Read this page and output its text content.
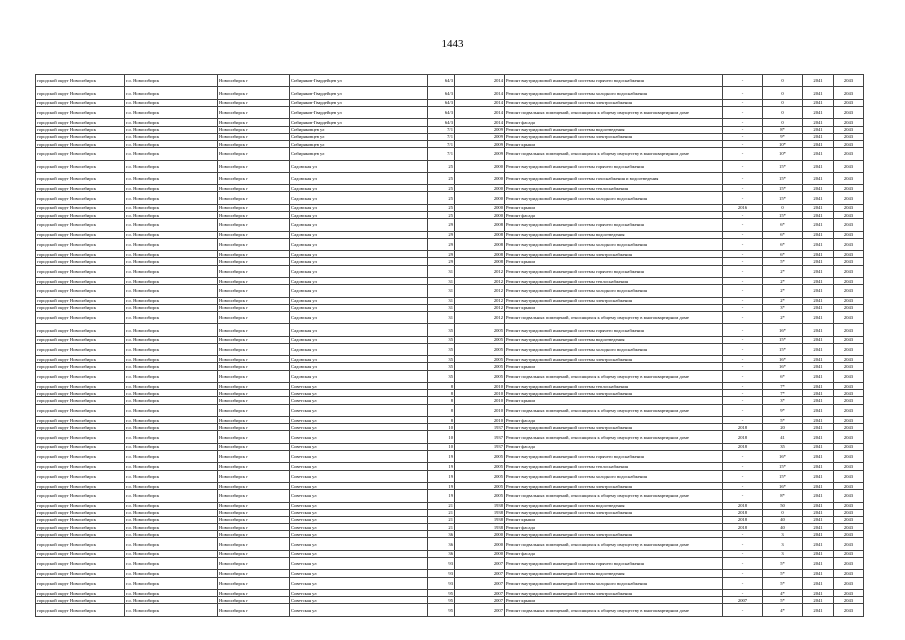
1443
городской округ Новосибирск	г.о. Новосибирск	Новосибирск г	Сибиряков-Гвардейцев ул	64/3	2014	Ремонт внутридомовой инженерной системы горячего водоснабжения	-	0	2041	2043
городской округ Новосибирск	г.о. Новосибирск	Новосибирск г	Сибиряков-Гвардейцев ул	64/3	2014	Ремонт внутридомовой инженерной системы холодного водоснабжения	-	0	2041	2043
городской округ Новосибирск	г.о. Новосибирск	Новосибирск г	Сибиряков-Гвардейцев ул	64/3	2014	Ремонт внутридомовой инженерной системы электроснабжения	-	0	2041	2043
городской округ Новосибирск	г.о. Новосибирск	Новосибирск г	Сибиряков-Гвардейцев ул	64/3	2014	Ремонт подвальных помещений, относящихся к общему имуществу в многоквартирном доме	-	0	2041	2043
городской округ Новосибирск	г.о. Новосибирск	Новосибирск г	Сибиряков-Гвардейцев ул	64/3	2014	Ремонт фасада	-	0	2041	2043
городской округ Новосибирск	г.о. Новосибирск	Новосибирск г	Сибиряковцев ул	7/1	2009	Ремонт внутридомовой инженерной системы водоотведения	-	8*	2041	2043
городской округ Новосибирск	г.о. Новосибирск	Новосибирск г	Сибиряковцев ул	7/1	2009	Ремонт внутридомовой инженерной системы электроснабжения	-	9*	2041	2043
городской округ Новосибирск	г.о. Новосибирск	Новосибирск г	Сибиряковцев ул	7/1	2009	Ремонт крыши	-	10*	2041	2043
городской округ Новосибирск	г.о. Новосибирск	Новосибирск г	Сибиряковцев ул	7/1	2009	Ремонт подвальных помещений, относящихся к общему имуществу в многоквартирном доме	-	10*	2041	2043
городской округ Новосибирск	г.о. Новосибирск	Новосибирск г	Садовская ул	25	2000	Ремонт внутридомовой инженерной системы горячего водоснабжения	-	15*	2041	2043
городской округ Новосибирск	г.о. Новосибирск	Новосибирск г	Садовская ул	25	2000	Ремонт внутридомовой инженерной системы газоснабжения и водоотведения	-	15*	2041	2043
городской округ Новосибирск	г.о. Новосибирск	Новосибирск г	Садовская ул	25	2000	Ремонт внутридомовой инженерной системы теплоснабжения	-	15*	2041	2043
городской округ Новосибирск	г.о. Новосибирск	Новосибирск г	Садовская ул	25	2000	Ремонт внутридомовой инженерной системы холодного водоснабжения	-	15*	2041	2043
городской округ Новосибирск	г.о. Новосибирск	Новосибирск г	Садовская ул	25	2000	Ремонт крыши	2016	0	2041	2043
городской округ Новосибирск	г.о. Новосибирск	Новосибирск г	Садовская ул	25	2000	Ремонт фасада	-	15*	2041	2043
городской округ Новосибирск	г.о. Новосибирск	Новосибирск г	Садовская ул	29	2008	Ремонт внутридомовой инженерной системы горячего водоснабжения	-	6*	2041	2043
городской округ Новосибирск	г.о. Новосибирск	Новосибирск г	Садовская ул	29	2008	Ремонт внутридомовой инженерной системы водоотведения	-	6*	2041	2043
городской округ Новосибирск	г.о. Новосибирск	Новосибирск г	Садовская ул	29	2008	Ремонт внутридомовой инженерной системы холодного водоснабжения	-	6*	2041	2043
городской округ Новосибирск	г.о. Новосибирск	Новосибирск г	Садовская ул	29	2008	Ремонт внутридомовой инженерной системы электроснабжения	-	6*	2041	2043
городской округ Новосибирск	г.о. Новосибирск	Новосибирск г	Садовская ул	29	2008	Ремонт крыши	-	5*	2041	2043
городской округ Новосибирск	г.о. Новосибирск	Новосибирск г	Садовская ул	31	2012	Ремонт внутридомовой инженерной системы горячего водоснабжения	-	2*	2041	2043
городской округ Новосибирск	г.о. Новосибирск	Новосибирск г	Садовская ул	31	2012	Ремонт внутридомовой инженерной системы теплоснабжения	-	2*	2041	2043
городской округ Новосибирск	г.о. Новосибирск	Новосибирск г	Садовская ул	31	2012	Ремонт внутридомовой инженерной системы холодного водоснабжения	-	2*	2041	2043
городской округ Новосибирск	г.о. Новосибирск	Новосибирск г	Садовская ул	31	2012	Ремонт внутридомовой инженерной системы электроснабжения	-	2*	2041	2043
городской округ Новосибирск	г.о. Новосибирск	Новосибирск г	Садовская ул	31	2012	Ремонт крыши	-	3*	2041	2043
городской округ Новосибирск	г.о. Новосибирск	Новосибирск г	Садовская ул	31	2012	Ремонт подвальных помещений, относящихся к общему имуществу в многоквартирном доме	-	2*	2041	2043
городской округ Новосибирск	г.о. Новосибирск	Новосибирск г	Садовская ул	35	2005	Ремонт внутридомовой инженерной системы горячего водоснабжения	-	16*	2041	2043
городской округ Новосибирск	г.о. Новосибирск	Новосибирск г	Садовская ул	35	2005	Ремонт внутридомовой инженерной системы водоотведения	-	15*	2041	2043
городской округ Новосибирск	г.о. Новосибирск	Новосибирск г	Садовская ул	35	2005	Ремонт внутридомовой инженерной системы холодного водоснабжения	-	15*	2041	2043
городской округ Новосибирск	г.о. Новосибирск	Новосибирск г	Садовская ул	35	2005	Ремонт внутридомовой инженерной системы электроснабжения	-	16*	2041	2043
городской округ Новосибирск	г.о. Новосибирск	Новосибирск г	Садовская ул	35	2005	Ремонт крыши	-	16*	2041	2043
городской округ Новосибирск	г.о. Новосибирск	Новосибирск г	Садовская ул	35	2005	Ремонт подвальных помещений, относящихся к общему имуществу в многоквартирном доме	-	6*	2041	2043
городской округ Новосибирск	г.о. Новосибирск	Новосибирск г	Советская ул	8	2010	Ремонт внутридомовой инженерной системы теплоснабжения	-	7*	2041	2043
городской округ Новосибирск	г.о. Новосибирск	Новосибирск г	Советская ул	8	2010	Ремонт внутридомовой инженерной системы электроснабжения	-	7*	2041	2043
городской округ Новосибирск	г.о. Новосибирск	Новосибирск г	Советская ул	8	2010	Ремонт крыши	-	3*	2041	2043
городской округ Новосибирск	г.о. Новосибирск	Новосибирск г	Советская ул	8	2010	Ремонт подвальных помещений, относящихся к общему имуществу в многоквартирном доме	-	9*	2041	2043
городской округ Новосибирск	г.о. Новосибирск	Новосибирск г	Советская ул	8	2010	Ремонт фасада	-	5*	2041	2043
городской округ Новосибирск	г.о. Новосибирск	Новосибирск г	Советская ул	10	1937	Ремонт внутридомовой инженерной системы электроснабжения	2018	20	2041	2043
городской округ Новосибирск	г.о. Новосибирск	Новосибирск г	Советская ул	10	1937	Ремонт подвальных помещений, относящихся к общему имуществу в многоквартирном доме	2018	41	2041	2043
городской округ Новосибирск	г.о. Новосибирск	Новосибирск г	Советская ул	10	1937	Ремонт фасада	2018	35	2041	2043
городской округ Новосибирск	г.о. Новосибирск	Новосибирск г	Советская ул	19	2005	Ремонт внутридомовой инженерной системы горячего водоснабжения	-	16*	2041	2043
городской округ Новосибирск	г.о. Новосибирск	Новосибирск г	Советская ул	19	2005	Ремонт внутридомовой инженерной системы теплоснабжения	-	15*	2041	2043
городской округ Новосибирск	г.о. Новосибирск	Новосибирск г	Советская ул	19	2005	Ремонт внутридомовой инженерной системы холодного водоснабжения	-	15*	2041	2043
городской округ Новосибирск	г.о. Новосибирск	Новосибирск г	Советская ул	19	2005	Ремонт внутридомовой инженерной системы электроснабжения	-	16*	2041	2043
городской округ Новосибирск	г.о. Новосибирск	Новосибирск г	Советская ул	19	2005	Ремонт подвальных помещений, относящихся к общему имуществу в многоквартирном доме	-	8*	2041	2043
городской округ Новосибирск	г.о. Новосибирск	Новосибирск г	Советская ул	21	1938	Ремонт внутридомовой инженерной системы водоотведения	2018	50	2041	2043
городской округ Новосибирск	г.о. Новосибирск	Новосибирск г	Советская ул	21	1938	Ремонт внутридомовой инженерной системы электроснабжения	2018	0	2041	2043
городской округ Новосибирск	г.о. Новосибирск	Новосибирск г	Советская ул	21	1938	Ремонт крыши	2018	40	2041	2043
городской округ Новосибирск	г.о. Новосибирск	Новосибирск г	Советская ул	21	1938	Ремонт фасада	2018	40	2041	2043
городской округ Новосибирск	г.о. Новосибирск	Новосибирск г	Советская ул	36	2000	Ремонт внутридомовой инженерной системы электроснабжения	-	3	2041	2043
городской округ Новосибирск	г.о. Новосибирск	Новосибирск г	Советская ул	36	2000	Ремонт подвальных помещений, относящихся к общему имуществу в многоквартирном доме	-	3	2041	2043
городской округ Новосибирск	г.о. Новосибирск	Новосибирск г	Советская ул	36	2000	Ремонт фасада	-	3	2041	2043
городской округ Новосибирск	г.о. Новосибирск	Новосибирск г	Советская ул	93	2007	Ремонт внутридомовой инженерной системы горячего водоснабжения	-	5*	2041	2043
городской округ Новосибирск	г.о. Новосибирск	Новосибирск г	Советская ул	93	2007	Ремонт внутридомовой инженерной системы водоотведения	-	5*	2041	2043
городской округ Новосибирск	г.о. Новосибирск	Новосибирск г	Советская ул	93	2007	Ремонт внутридомовой инженерной системы холодного водоснабжения	-	5*	2041	2043
городской округ Новосибирск	г.о. Новосибирск	Новосибирск г	Советская ул	95	2007	Ремонт внутридомовой инженерной системы электроснабжения	-	4*	2041	2043
городской округ Новосибирск	г.о. Новосибирск	Новосибирск г	Советская ул	95	2007	Ремонт крыши	2007	5*	2041	2043
городской округ Новосибирск	г.о. Новосибирск	Новосибирск г	Советская ул	95	2007	Ремонт подвальных помещений, относящихся к общему имуществу в многоквартирном доме	-	4*	2041	2043
